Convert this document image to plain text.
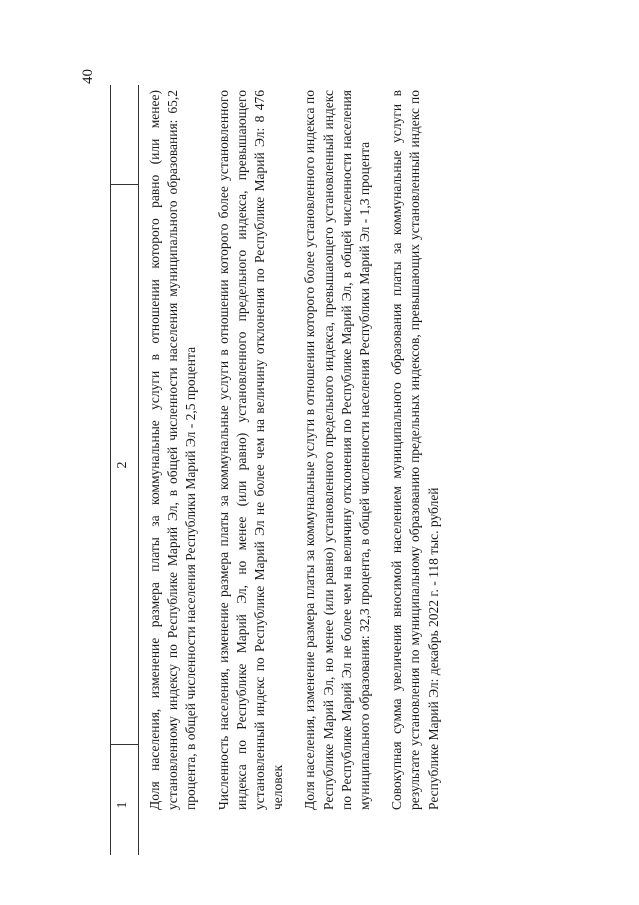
40
1
2 Доля населения, изменение размера платы за коммунальные услуги в отношении которого равно (или менее) установленному индексу по Республике Марий Эл, в общей численности населения муниципального образования: 65,2 процента, в общей численности населения Республики Марий Эл - 2,5 процента Численность населения, изменение размера платы за коммунальные услуги в отношении которого более установленного индекса по Республике Марий Эл, но менее (или равно) установленного предельного индекса, превышающего установленный индекс по Республике Марий Эл не более чем на величину отклонения по Республике Марий Эл: 8 476 человек Доля населения, изменение размера платы за коммунальные услуги в отношении которого более установленного индекса по Республике Марий Эл, но менее (или равно) установленного предельного индекса, превышающего установленный индекс по Республике Марий Эл не более чем на величину отклонения по Республике Марий Эл, в общей численности населения муниципального образования: 32,3 процента, в общей численности населения Республики Марий Эл - 1,3 процента Совокупная сумма увеличения вносимой населением муниципального образования платы за коммунальные услуги в результате установления по муниципальному образованию предельных индексов, превышающих установленный индекс по Республике Марий Эл: декабрь 2022 г. - 118 тыс. рублей
